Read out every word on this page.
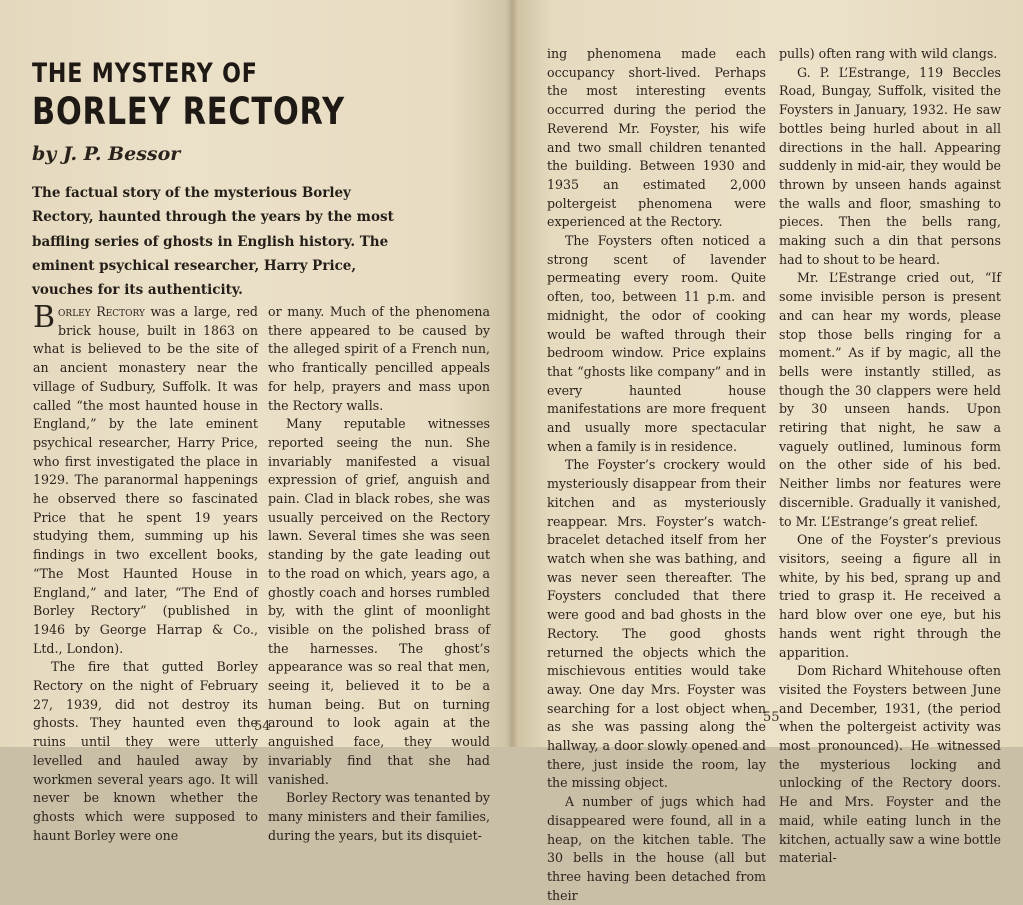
THE MYSTERY OF
BORLEY RECTORY
by J. P. Bessor
The factual story of the mysterious Borley Rectory, haunted through the years by the most baffling series of ghosts in English history. The eminent psychical researcher, Harry Price, vouches for its authenticity.

Borley Rectory was a large, red brick house, built in 1863 on what is believed to be the site of an ancient monastery near the village of Sudbury, Suffolk. It was called “the most haunted house in England,” by the late eminent psychical researcher, Harry Price, who first investigated the place in 1929. The paranormal happenings he observed there so fascinated Price that he spent 19 years studying them, summing up his findings in two excellent books, “The Most Haunted House in England,” and later, “The End of Borley Rectory” (published in 1946 by George Harrap & Co., Ltd., London).

The fire that gutted Borley Rectory on the night of February 27, 1939, did not destroy its ghosts. They haunted even the ruins until they were utterly levelled and hauled away by workmen several years ago. It will never be known whether the ghosts which were supposed to haunt Borley were one

or many. Much of the phenomena there appeared to be caused by the alleged spirit of a French nun, who frantically pencilled appeals for help, prayers and mass upon the Rectory walls.

Many reputable witnesses reported seeing the nun. She invariably manifested a visual expression of grief, anguish and pain. Clad in black robes, she was usually perceived on the Rectory lawn. Several times she was seen standing by the gate leading out to the road on which, years ago, a ghostly coach and horses rumbled by, with the glint of moonlight visible on the polished brass of the harnesses. The ghost’s appearance was so real that men, seeing it, believed it to be a human being. But on turning around to look again at the anguished face, they would invariably find that she had vanished.

Borley Rectory was tenanted by many ministers and their families, during the years, but its disquiet-

54

ing phenomena made each occupancy short-lived. Perhaps the most interesting events occurred during the period the Reverend Mr. Foyster, his wife and two small children tenanted the building. Between 1930 and 1935 an estimated 2,000 poltergeist phenomena were experienced at the Rectory.

The Foysters often noticed a strong scent of lavender permeating every room. Quite often, too, between 11 p.m. and midnight, the odor of cooking would be wafted through their bedroom window. Price explains that “ghosts like company” and in every haunted house manifestations are more frequent and usually more spectacular when a family is in residence.

The Foyster’s crockery would mysteriously disappear from their kitchen and as mysteriously reappear. Mrs. Foyster’s watch-bracelet detached itself from her watch when she was bathing, and was never seen thereafter. The Foysters concluded that there were good and bad ghosts in the Rectory. The good ghosts returned the objects which the mischievous entities would take away. One day Mrs. Foyster was searching for a lost object when as she was passing along the hallway, a door slowly opened and there, just inside the room, lay the missing object.

A number of jugs which had disappeared were found, all in a heap, on the kitchen table. The 30 bells in the house (all but three having been detached from their

pulls) often rang with wild clangs.

G. P. L’Estrange, 119 Beccles Road, Bungay, Suffolk, visited the Foysters in January, 1932. He saw bottles being hurled about in all directions in the hall. Appearing suddenly in mid-air, they would be thrown by unseen hands against the walls and floor, smashing to pieces. Then the bells rang, making such a din that persons had to shout to be heard.

Mr. L’Estrange cried out, “If some invisible person is present and can hear my words, please stop those bells ringing for a moment.” As if by magic, all the bells were instantly stilled, as though the 30 clappers were held by 30 unseen hands. Upon retiring that night, he saw a vaguely outlined, luminous form on the other side of his bed. Neither limbs nor features were discernible. Gradually it vanished, to Mr. L’Estrange’s great relief.

One of the Foyster’s previous visitors, seeing a figure all in white, by his bed, sprang up and tried to grasp it. He received a hard blow over one eye, but his hands went right through the apparition.

Dom Richard Whitehouse often visited the Foysters between June and December, 1931, (the period when the poltergeist activity was most pronounced). He witnessed the mysterious locking and unlocking of the Rectory doors. He and Mrs. Foyster and the maid, while eating lunch in the kitchen, actually saw a wine bottle material-

55
